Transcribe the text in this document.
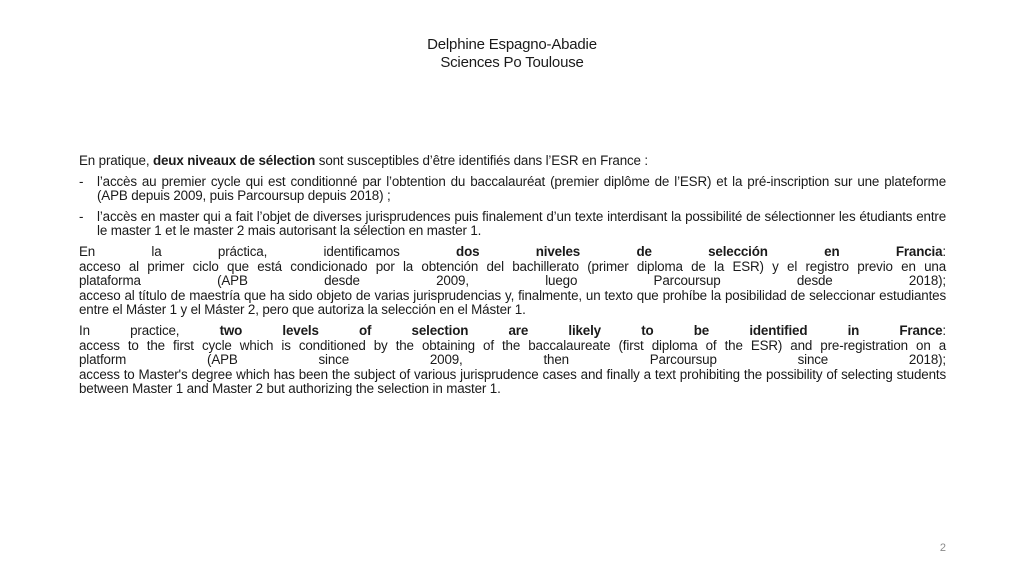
Delphine Espagno-Abadie
Sciences Po Toulouse

En pratique, deux niveaux de sélection sont susceptibles d’être identifiés dans l’ESR en France :

- l’accès au premier cycle qui est conditionné par l’obtention du baccalauréat (premier diplôme de l’ESR) et la pré-inscription sur une plateforme (APB depuis 2009, puis Parcoursup depuis 2018) ;
- l’accès en master qui a fait l’objet de diverses jurisprudences puis finalement d’un texte interdisant la possibilité de sélectionner les étudiants entre le master 1 et le master 2 mais autorisant la sélection en master 1.
En la práctica, identificamos dos niveles de selección en Francia:
acceso al primer ciclo que está condicionado por la obtención del bachillerato (primer diploma de la ESR) y el registro previo en una
plataforma (APB desde 2009, luego Parcoursup desde 2018);
acceso al título de maestría que ha sido objeto de varias jurisprudencias y, finalmente, un texto que prohíbe la posibilidad de seleccionar estudiantes entre el Máster 1 y el Máster 2, pero que autoriza la selección en el Máster 1.
In practice, two levels of selection are likely to be identified in France:
access to the first cycle which is conditioned by the obtaining of the baccalaureate (first diploma of the ESR) and pre-registration on a
platform (APB since 2009, then Parcoursup since 2018);
access to Master's degree which has been the subject of various jurisprudence cases and finally a text prohibiting the possibility of selecting students between Master 1 and Master 2 but authorizing the selection in master 1.
2
